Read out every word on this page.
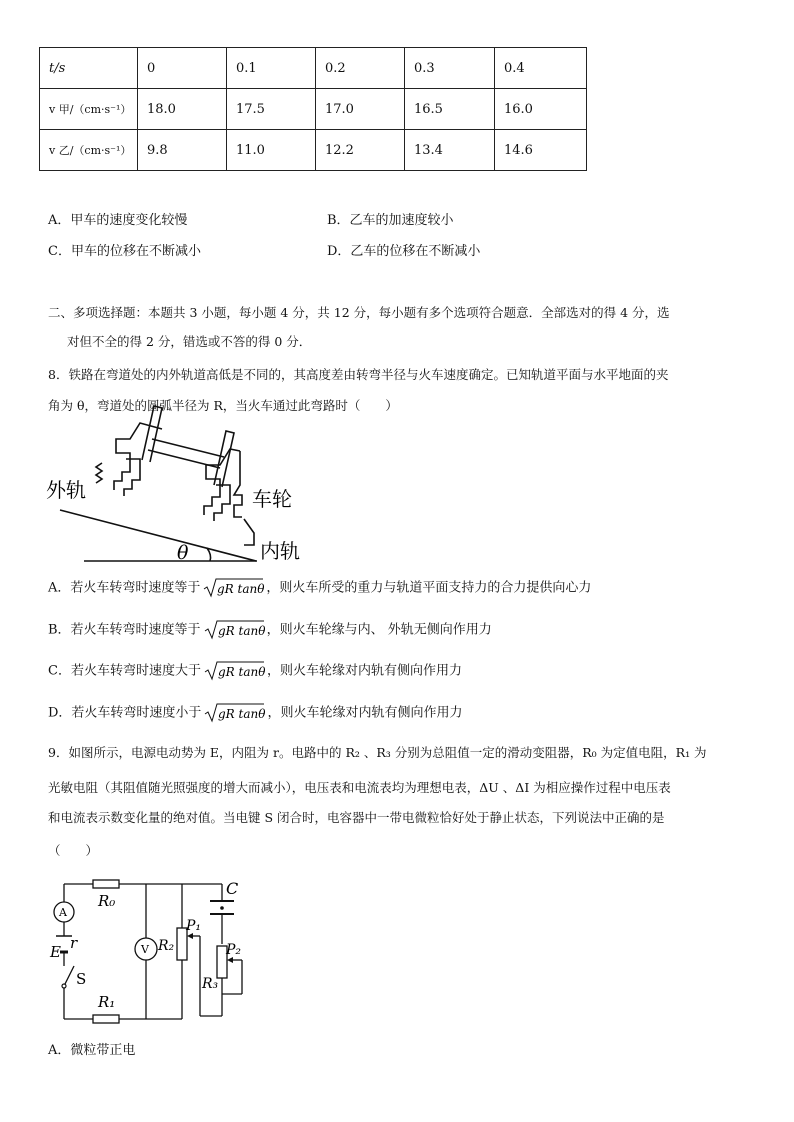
t/s	0	0.1	0.2	0.3	0.4
v 甲/（cm·s⁻¹）	18.0	17.5	17.0	16.5	16.0
v 乙/（cm·s⁻¹）	9.8	11.0	12.2	13.4	14.6
A．甲车的速度变化较慢	B．乙车的加速度较小
C．甲车的位移在不断减小	D．乙车的位移在不断减小
二、多项选择题：本题共 3 小题，每小题 4 分，共 12 分，每小题有多个选项符合题意．全部选对的得 4 分，选
对但不全的得 2 分，错选或不答的得 0 分．
8．铁路在弯道处的内外轨道高低是不同的，其高度差由转弯半径与火车速度确定。已知轨道平面与水平地面的夹
角为 θ，弯道处的圆弧半径为 R，当火车通过此弯路时（　　）
外轨	车轮
内轨
θ
A．若火车转弯时速度等于 gR tanθ ，则火车所受的重力与轨道平面支持力的合力提供向心力
B．若火车转弯时速度等于 gR tanθ ，则火车轮缘与内、 外轨无侧向作用力
C．若火车转弯时速度大于 gR tanθ ，则火车轮缘对内轨有侧向作用力
D．若火车转弯时速度小于 gR tanθ ，则火车轮缘对内轨有侧向作用力
9．如图所示，电源电动势为 E，内阻为 r。电路中的 R₂ 、R₃ 分别为总阻值一定的滑动变阻器，R₀ 为定值电阻，R₁ 为
光敏电阻（其阻值随光照强度的增大而减小），电压表和电流表均为理想电表，ΔU 、ΔI 为相应操作过程中电压表
和电流表示数变化量的绝对值。当电键 S 闭合时，电容器中一带电微粒恰好处于静止状态，下列说法中正确的是
（　　）
A
V
R₀
R₁
R₂
R₃
P₁
P₂
C
E r
S
A．微粒带正电
